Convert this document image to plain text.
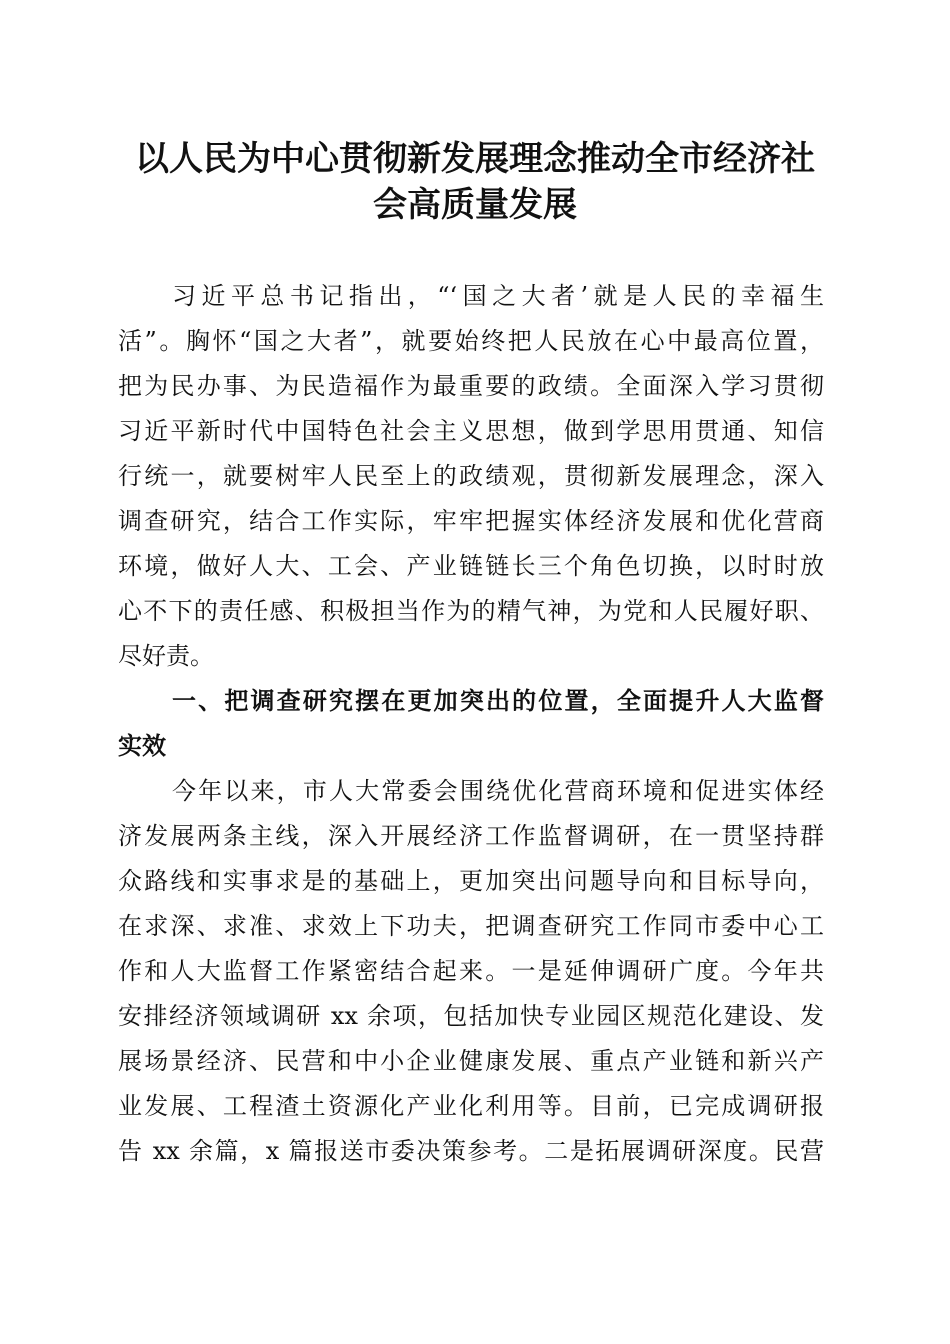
以人民为中心贯彻新发展理念推动全市经济社
会高质量发展
习近平总书记指出，“‘国之大者’就是人民的幸福生
活”。胸怀“国之大者”，就要始终把人民放在心中最高位置，
把为民办事、为民造福作为最重要的政绩。全面深入学习贯彻
习近平新时代中国特色社会主义思想，做到学思用贯通、知信
行统一，就要树牢人民至上的政绩观，贯彻新发展理念，深入
调查研究，结合工作实际，牢牢把握实体经济发展和优化营商
环境，做好人大、工会、产业链链长三个角色切换，以时时放
心不下的责任感、积极担当作为的精气神，为党和人民履好职、
尽好责。
一、把调查研究摆在更加突出的位置，全面提升人大监督
实效
今年以来，市人大常委会围绕优化营商环境和促进实体经
济发展两条主线，深入开展经济工作监督调研，在一贯坚持群
众路线和实事求是的基础上，更加突出问题导向和目标导向，
在求深、求准、求效上下功夫，把调查研究工作同市委中心工
作和人大监督工作紧密结合起来。一是延伸调研广度。今年共
安排经济领域调研 xx 余项，包括加快专业园区规范化建设、发
展场景经济、民营和中小企业健康发展、重点产业链和新兴产
业发展、工程渣土资源化产业化利用等。目前，已完成调研报
告 xx 余篇，x 篇报送市委决策参考。二是拓展调研深度。民营
